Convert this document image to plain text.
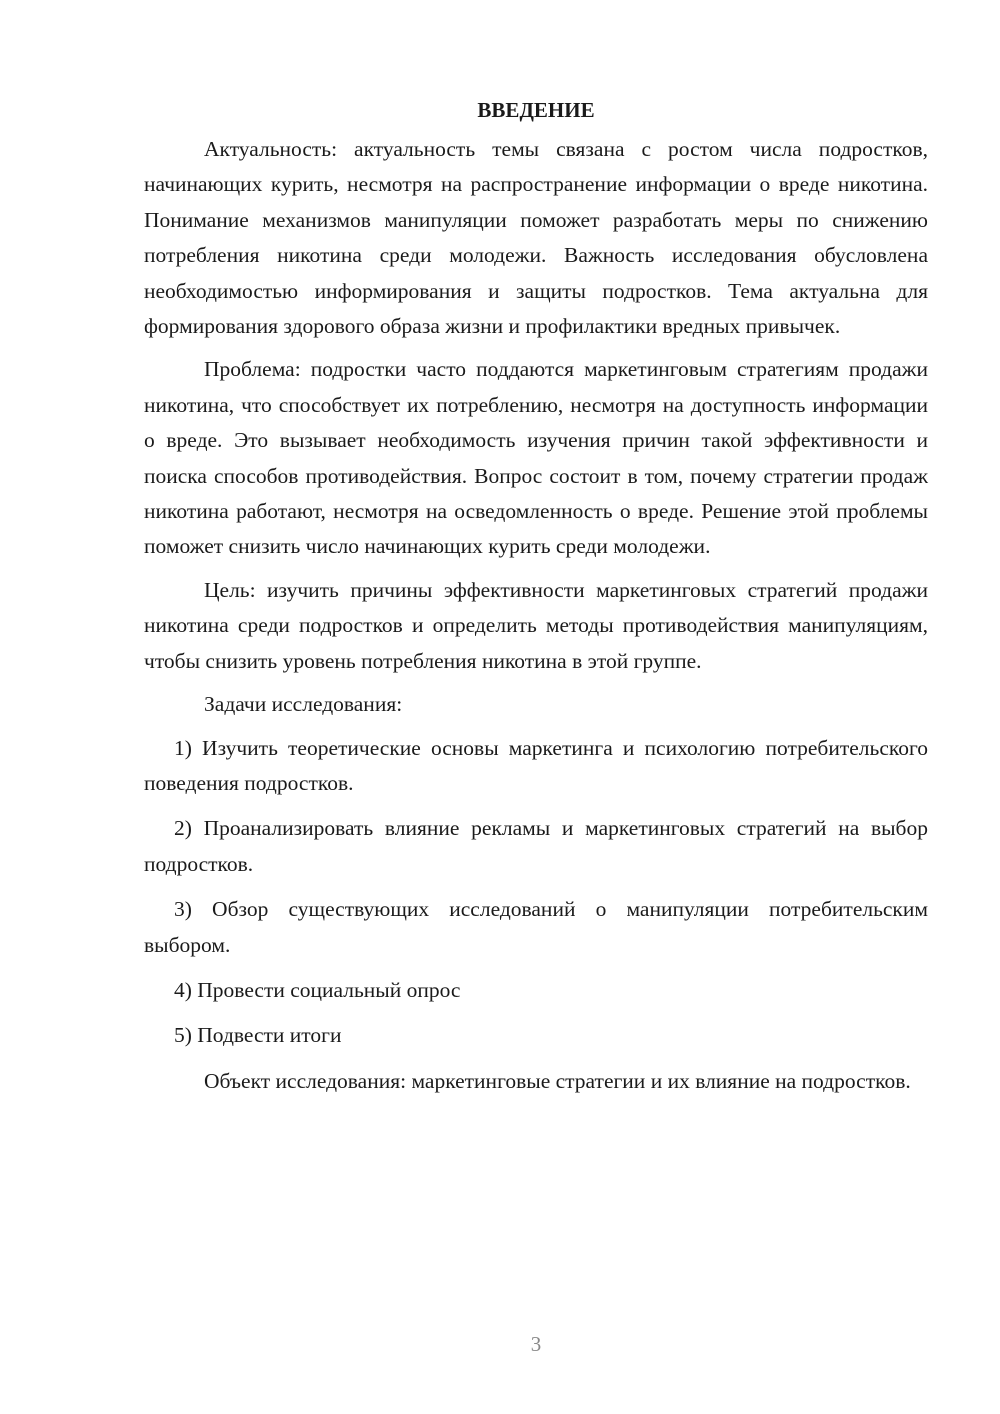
ВВЕДЕНИЕ

Актуальность: актуальность темы связана с ростом числа подростков, начинающих курить, несмотря на распространение информации о вреде никотина. Понимание механизмов манипуляции поможет разработать меры по снижению потребления никотина среди молодежи. Важность исследования обусловлена необходимостью информирования и защиты подростков. Тема актуальна для формирования здорового образа жизни и профилактики вредных привычек.

Проблема: подростки часто поддаются маркетинговым стратегиям продажи никотина, что способствует их потреблению, несмотря на доступность информации о вреде. Это вызывает необходимость изучения причин такой эффективности и поиска способов противодействия. Вопрос состоит в том, почему стратегии продаж никотина работают, несмотря на осведомленность о вреде. Решение этой проблемы поможет снизить число начинающих курить среди молодежи.

Цель: изучить причины эффективности маркетинговых стратегий продажи никотина среди подростков и определить методы противодействия манипуляциям, чтобы снизить уровень потребления никотина в этой группе.

Задачи исследования:

1) Изучить теоретические основы маркетинга и психологию потребительского поведения подростков.

2) Проанализировать влияние рекламы и маркетинговых стратегий на выбор подростков.

3) Обзор существующих исследований о манипуляции потребительским выбором.

4) Провести социальный опрос

5) Подвести итоги

Объект исследования: маркетинговые стратегии и их влияние на подростков.

3
